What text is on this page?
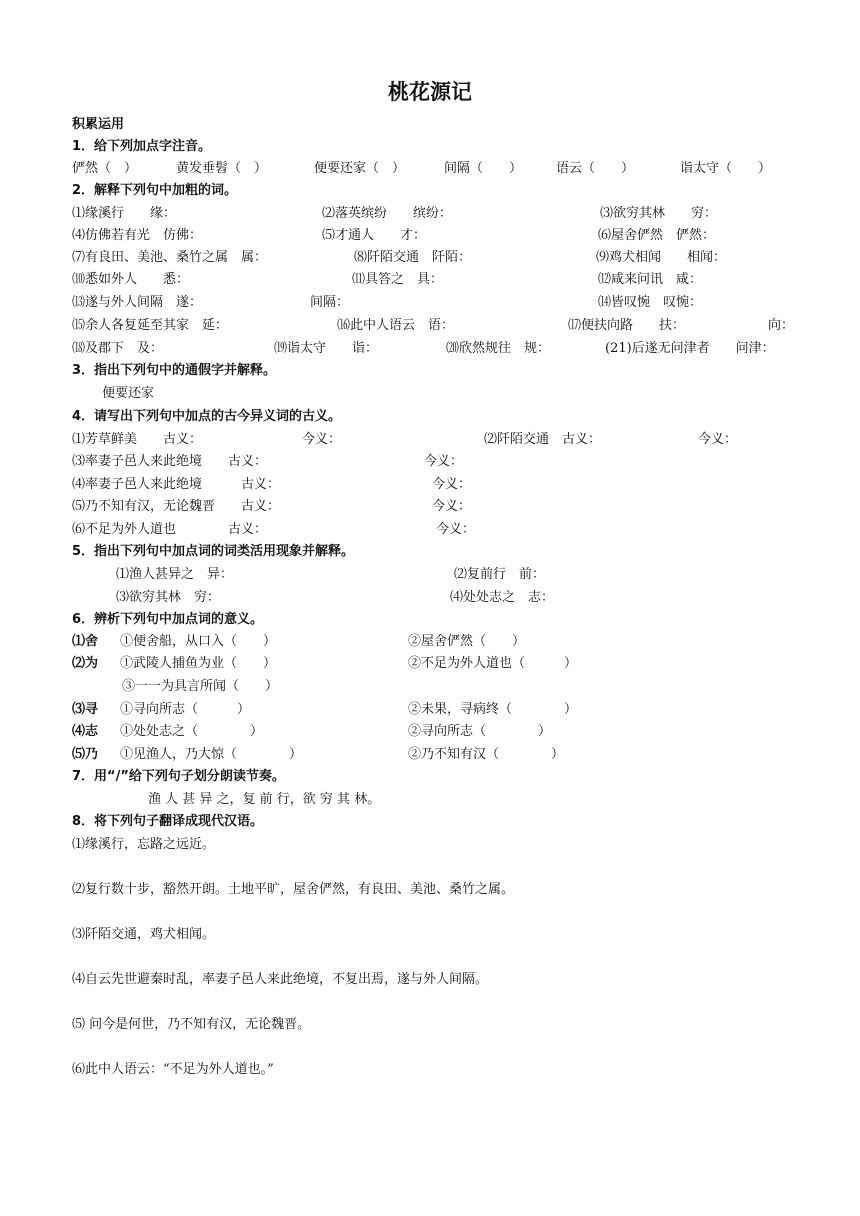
桃花源记
积累运用
1．给下列加点字注音。
俨然（　）	黄发垂髫（　）	便要还家（　）	间隔（　　）	语云（　　）	诣太守（　　）
2．解释下列句中加粗的词。
⑴缘溪行　　缘：	⑵落英缤纷　　缤纷：	⑶欲穷其林　　穷：
⑷仿佛若有光　仿佛：	⑸才通人　　才：	⑹屋舍俨然　俨然：
⑺有良田、美池、桑竹之属　属：	⑻阡陌交通　阡陌：	⑼鸡犬相闻　　相闻：
⑽悉如外人　　悉：	⑾具答之　具：	⑿咸来问讯　咸：
⒀遂与外人间隔　遂：	间隔：	⒁皆叹惋　叹惋：
⒂余人各复延至其家　延：	⒃此中人语云　语：	⒄便扶向路　　扶：	向：
⒅及郡下　及：	⒆诣太守　　诣：	⒇欣然规往　规：	(21)后遂无问津者　　问津：
3．指出下列句中的通假字并解释。
便要还家
4．请写出下列句中加点的古今异义词的古义。
⑴芳草鲜美　　古义：	今义：	⑵阡陌交通　古义：	今义：
⑶率妻子邑人来此绝境　　古义：	今义：
⑷率妻子邑人来此绝境　　　古义：	今义：
⑸乃不知有汉，无论魏晋　　古义：	今义：
⑹不足为外人道也　　　　古义：	今义：
5．指出下列句中加点词的词类活用现象并解释。
⑴渔人甚异之　异：	⑵复前行　前：
⑶欲穷其林　穷：	⑷处处志之　志：
6．辨析下列句中加点词的意义。
⑴舍 ①便舍船，从口入（　　）	②屋舍俨然（　　）
⑵为 ①武陵人捕鱼为业（　　）	②不足为外人道也（　　　）
③一一为具言所闻（　　）
⑶寻 ①寻向所志（　　　）	②未果，寻病终（　　　　）
⑷志 ①处处志之（　　　　）	②寻向所志（　　　　）
⑸乃 ①见渔人，乃大惊（　　　　）	②乃不知有汉（　　　　）
7．用“/”给下列句子划分朗读节奏。
渔 人 甚 异 之，复 前 行，欲 穷 其 林。
8．将下列句子翻译成现代汉语。
⑴缘溪行，忘路之远近。
⑵复行数十步，豁然开朗。土地平旷，屋舍俨然，有良田、美池、桑竹之属。
⑶阡陌交通，鸡犬相闻。
⑷自云先世避秦时乱，率妻子邑人来此绝境，不复出焉，遂与外人间隔。
⑸ 问今是何世，乃不知有汉，无论魏晋。
⑹此中人语云：“不足为外人道也。”
